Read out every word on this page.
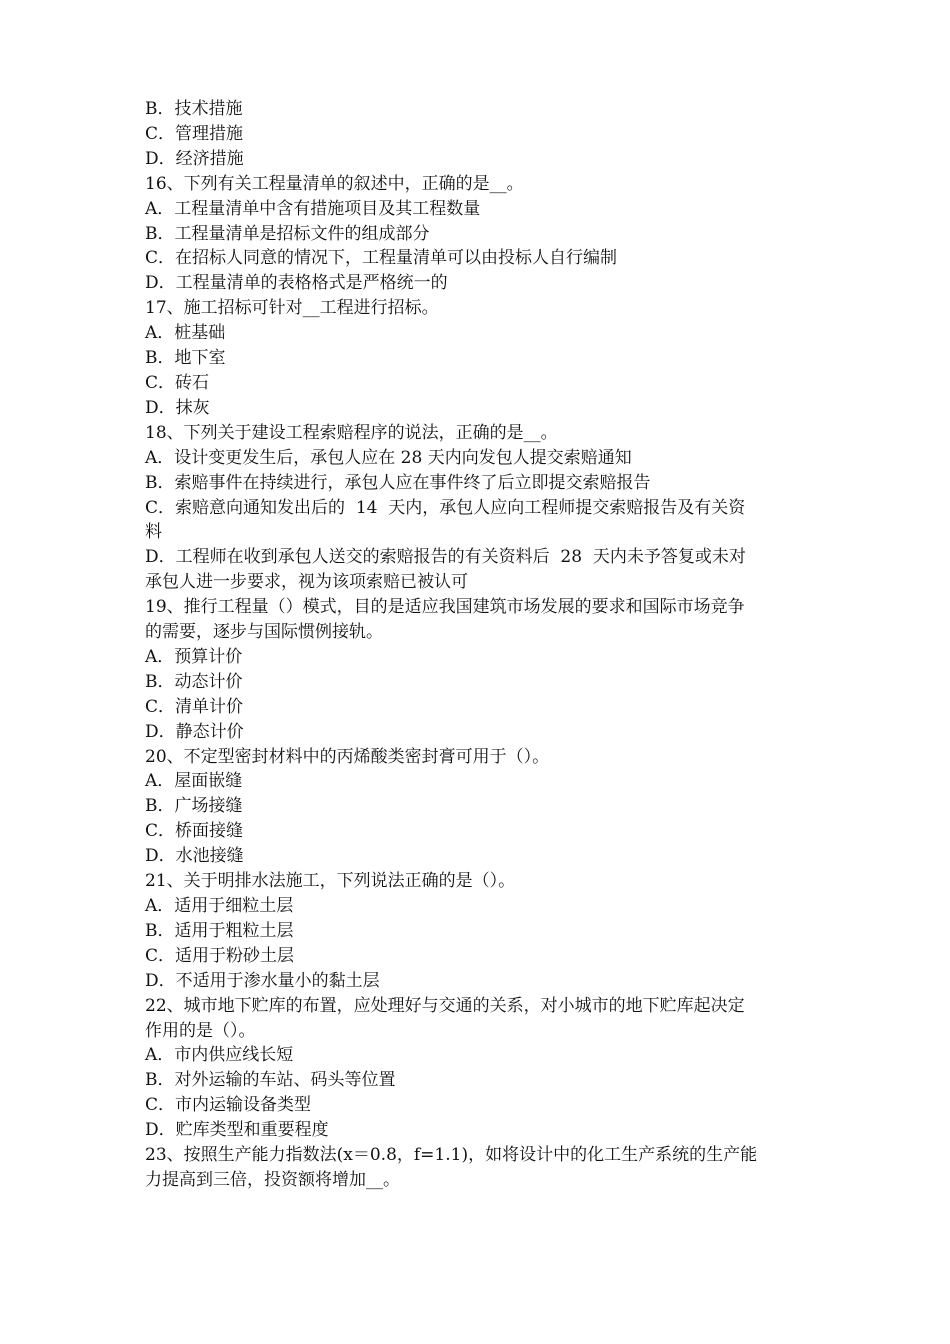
B．技术措施
C．管理措施
D．经济措施
16、下列有关工程量清单的叙述中，正确的是__。
A．工程量清单中含有措施项目及其工程数量
B．工程量清单是招标文件的组成部分
C．在招标人同意的情况下，工程量清单可以由投标人自行编制
D．工程量清单的表格格式是严格统一的
17、施工招标可针对__工程进行招标。
A．桩基础
B．地下室
C．砖石
D．抹灰
18、下列关于建设工程索赔程序的说法，正确的是__。
A．设计变更发生后，承包人应在 28 天内向发包人提交索赔通知
B．索赔事件在持续进行，承包人应在事件终了后立即提交索赔报告
C．索赔意向通知发出后的  14  天内，承包人应向工程师提交索赔报告及有关资
料
D．工程师在收到承包人送交的索赔报告的有关资料后  28  天内未予答复或未对
承包人进一步要求，视为该项索赔已被认可
19、推行工程量（）模式，目的是适应我国建筑市场发展的要求和国际市场竞争
的需要，逐步与国际惯例接轨。
A．预算计价
B．动态计价
C．清单计价
D．静态计价
20、不定型密封材料中的丙烯酸类密封膏可用于（）。
A．屋面嵌缝
B．广场接缝
C．桥面接缝
D．水池接缝
21、关于明排水法施工，下列说法正确的是（）。
A．适用于细粒土层
B．适用于粗粒土层
C．适用于粉砂土层
D．不适用于渗水量小的黏土层
22、城市地下贮库的布置，应处理好与交通的关系，对小城市的地下贮库起决定
作用的是（）。
A．市内供应线长短
B．对外运输的车站、码头等位置
C．市内运输设备类型
D．贮库类型和重要程度
23、按照生产能力指数法(x＝0.8，f=1.1)，如将设计中的化工生产系统的生产能
力提高到三倍，投资额将增加__。
